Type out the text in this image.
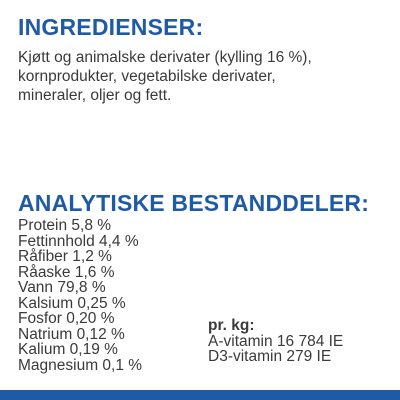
INGREDIENSER:

Kjøtt og animalske derivater (kylling 16 %),
kornprodukter, vegetabilske derivater,
mineraler, oljer og fett.

ANALYTISKE BESTANDDELER:
Protein 5,8 %
Fettinnhold 4,4 %
Råfiber 1,2 %
Råaske 1,6 %
Vann 79,8 %
Kalsium 0,25 %
Fosfor 0,20 %
Natrium 0,12 %
Kalium 0,19 %
Magnesium 0,1 %
pr. kg:
A-vitamin 16 784 IE
D3-vitamin 279 IE
